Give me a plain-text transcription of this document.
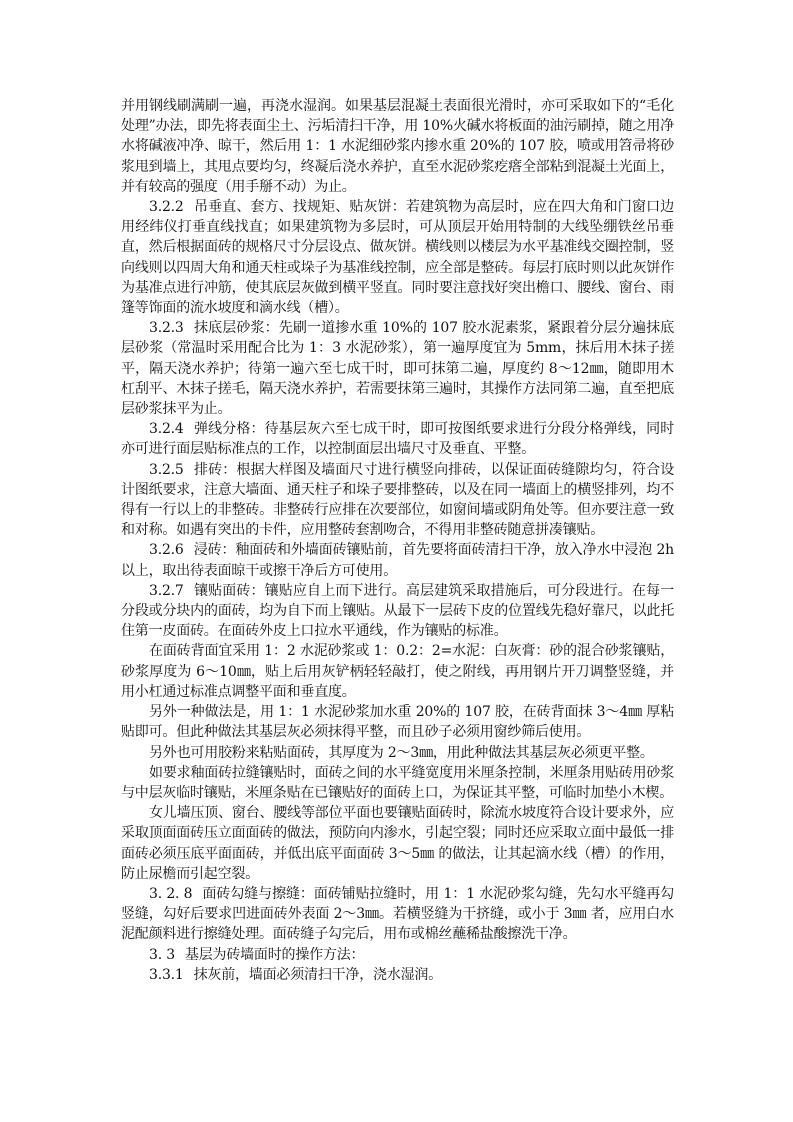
并用钢线刷满刷一遍，再浇水湿润。如果基层混凝土表面很光滑时，亦可采取如下的“毛化处理”办法，即先将表面尘土、污垢清扫干净，用 10%火碱水将板面的油污刷掉，随之用净水将碱液冲净、晾干，然后用 1：1 水泥细砂浆内掺水重 20%的 107 胶，喷或用笤帚将砂浆甩到墙上，其甩点要均匀，终凝后浇水养护，直至水泥砂浆疙瘩全部粘到混凝土光面上，并有较高的强度（用手掰不动）为止。

3.2.2 吊垂直、套方、找规矩、贴灰饼：若建筑物为高层时，应在四大角和门窗口边用经纬仪打垂直线找直；如果建筑物为多层时，可从顶层开始用特制的大线坠绷铁丝吊垂直，然后根据面砖的规格尺寸分层设点、做灰饼。横线则以楼层为水平基准线交圈控制，竖向线则以四周大角和通天柱或垛子为基准线控制，应全部是整砖。每层打底时则以此灰饼作为基准点进行冲筋，使其底层灰做到横平竖直。同时要注意找好突出檐口、腰线、窗台、雨篷等饰面的流水坡度和滴水线（槽）。

3.2.3 抹底层砂浆：先刷一道掺水重 10%的 107 胶水泥素浆，紧跟着分层分遍抹底层砂浆（常温时采用配合比为 1：3 水泥砂浆），第一遍厚度宜为 5mm，抹后用木抹子搓平，隔天浇水养护；待第一遍六至七成干时，即可抹第二遍，厚度约 8～12㎜，随即用木杠刮平、木抹子搓毛，隔天浇水养护，若需要抹第三遍时，其操作方法同第二遍，直至把底层砂浆抹平为止。

3.2.4 弹线分格：待基层灰六至七成干时，即可按图纸要求进行分段分格弹线，同时亦可进行面层贴标准点的工作，以控制面层出墙尺寸及垂直、平整。

3.2.5 排砖：根据大样图及墙面尺寸进行横竖向排砖，以保证面砖缝隙均匀，符合设计图纸要求，注意大墙面、通天柱子和垛子要排整砖，以及在同一墙面上的横竖排列，均不得有一行以上的非整砖。非整砖行应排在次要部位，如窗间墙或阴角处等。但亦要注意一致和对称。如遇有突出的卡件，应用整砖套割吻合，不得用非整砖随意拼凑镶贴。

3.2.6 浸砖：釉面砖和外墙面砖镶贴前，首先要将面砖清扫干净，放入净水中浸泡 2h 以上，取出待表面晾干或擦干净后方可使用。

3.2.7 镶贴面砖：镶贴应自上而下进行。高层建筑采取措施后，可分段进行。在每一分段或分块内的面砖，均为自下而上镶贴。从最下一层砖下皮的位置线先稳好靠尺，以此托住第一皮面砖。在面砖外皮上口拉水平通线，作为镶贴的标准。

在面砖背面宜采用 1：2 水泥砂浆或 1：0.2：2=水泥：白灰膏：砂的混合砂浆镶贴，砂浆厚度为 6～10㎜，贴上后用灰铲柄轻轻敲打，使之附线，再用钢片开刀调整竖缝，并用小杠通过标准点调整平面和垂直度。

另外一种做法是，用 1：1 水泥砂浆加水重 20%的 107 胶，在砖背面抹 3～4㎜ 厚粘贴即可。但此种做法其基层灰必须抹得平整，而且砂子必须用窗纱筛后使用。

另外也可用胶粉来粘贴面砖，其厚度为 2～3㎜，用此种做法其基层灰必须更平整。

如要求釉面砖拉缝镶贴时，面砖之间的水平缝宽度用米厘条控制，米厘条用贴砖用砂浆与中层灰临时镶贴，米厘条贴在已镶贴好的面砖上口，为保证其平整，可临时加垫小木楔。

女儿墙压顶、窗台、腰线等部位平面也要镶贴面砖时，除流水坡度符合设计要求外，应采取顶面面砖压立面面砖的做法，预防向内渗水，引起空裂；同时还应采取立面中最低一排面砖必须压底平面面砖，并低出底平面面砖 3～5㎜ 的做法，让其起滴水线（槽）的作用，防止尿檐而引起空裂。

3. 2. 8 面砖勾缝与擦缝：面砖铺贴拉缝时，用 1：1 水泥砂浆勾缝，先勾水平缝再勾竖缝，勾好后要求凹进面砖外表面 2～3㎜。若横竖缝为干挤缝，或小于 3㎜ 者，应用白水泥配颜料进行擦缝处理。面砖缝子勾完后，用布或棉丝蘸稀盐酸擦洗干净。

3. 3 基层为砖墙面时的操作方法：

3.3.1 抹灰前，墙面必须清扫干净，浇水湿润。
